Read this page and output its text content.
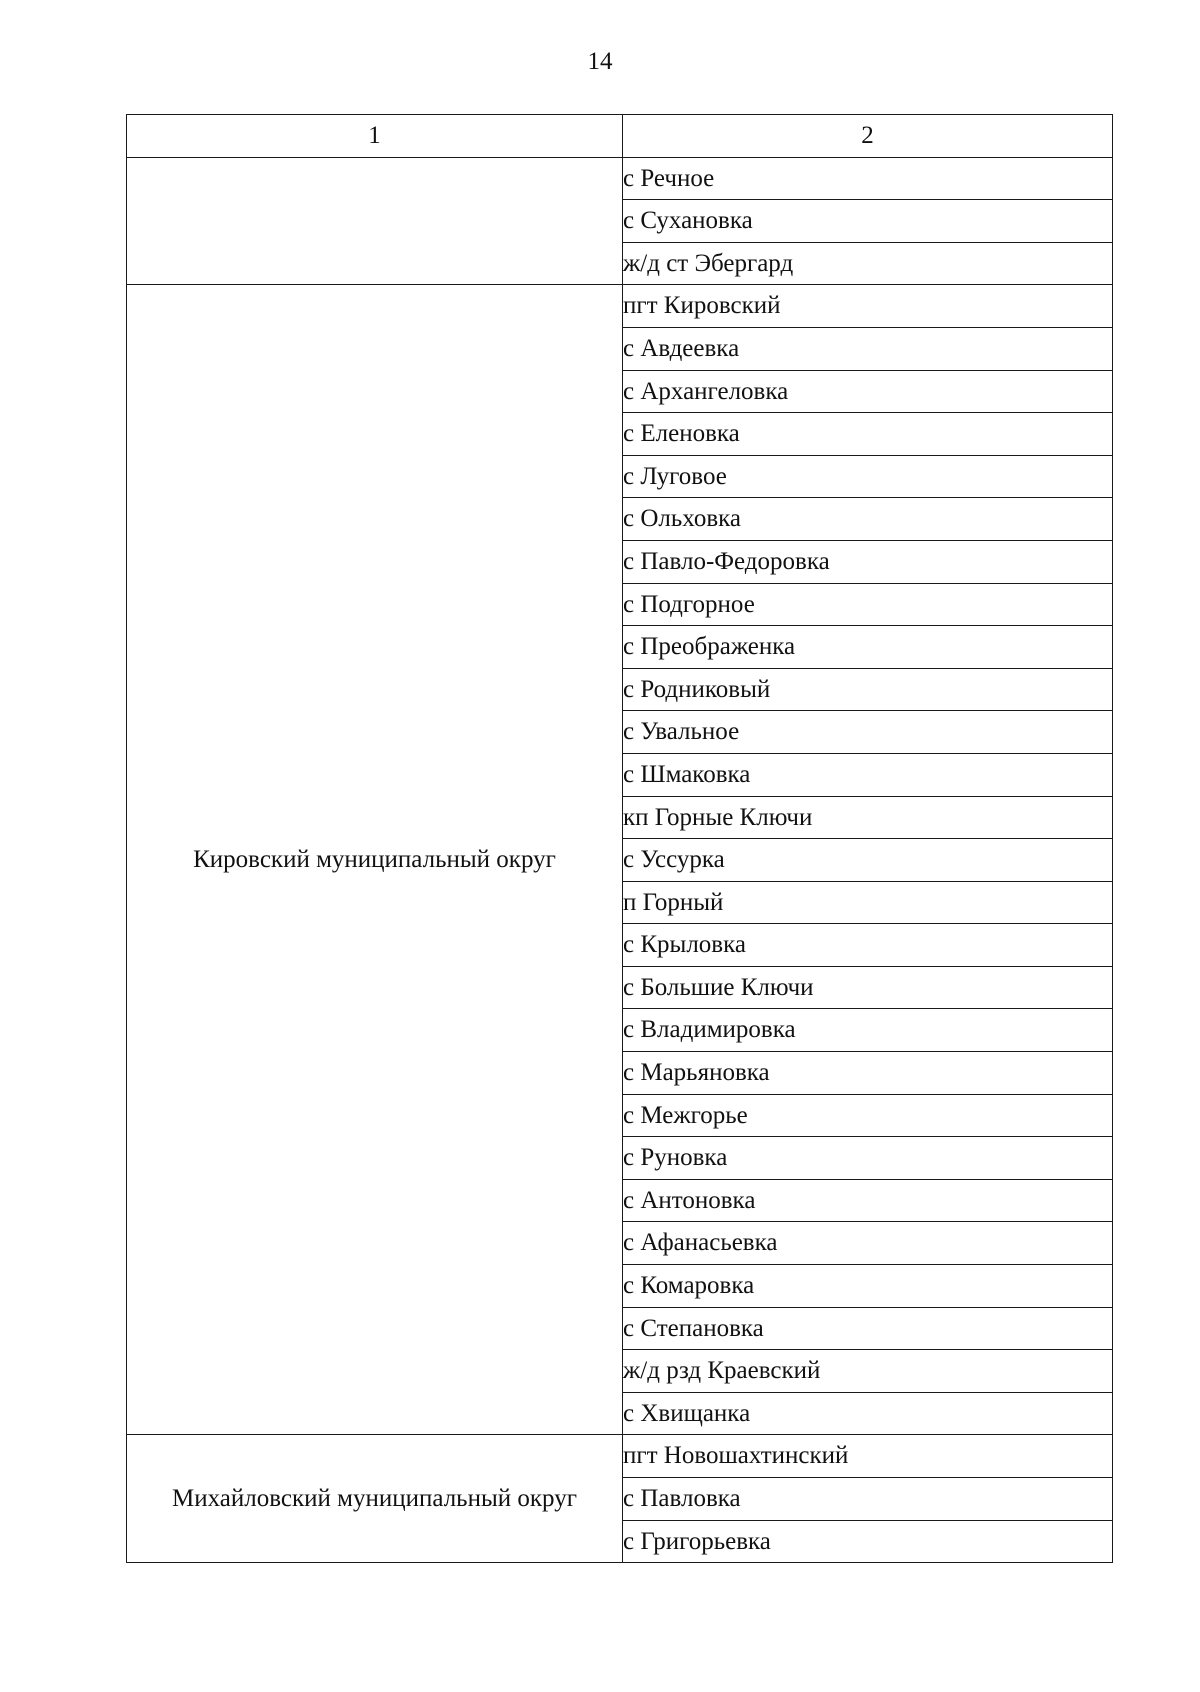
14
1	2
	с Речное
	с Сухановка
	ж/д ст Эбергард
Кировский муниципальный округ	пгт Кировский
	с Авдеевка
	с Архангеловка
	с Еленовка
	с Луговое
	с Ольховка
	с Павло-Федоровка
	с Подгорное
	с Преображенка
	с Родниковый
	с Увальное
	с Шмаковка
	кп Горные Ключи
	с Уссурка
	п Горный
	с Крыловка
	с Большие Ключи
	с Владимировка
	с Марьяновка
	с Межгорье
	с Руновка
	с Антоновка
	с Афанасьевка
	с Комаровка
	с Степановка
	ж/д рзд Краевский
	с Хвищанка
Михайловский муниципальный округ	пгт Новошахтинский
	с Павловка
	с Григорьевка
